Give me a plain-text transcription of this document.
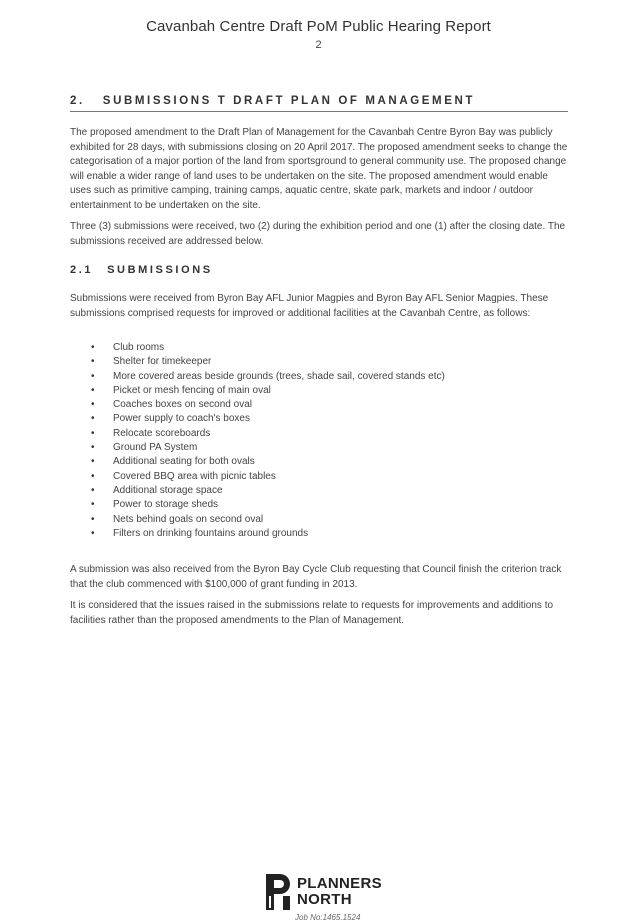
Cavanbah Centre Draft PoM Public Hearing Report
2
2. SUBMISSIONS T DRAFT PLAN OF MANAGEMENT

The proposed amendment to the Draft Plan of Management for the Cavanbah Centre Byron Bay was publicly exhibited for 28 days, with submissions closing on 20 April 2017. The proposed amendment seeks to change the categorisation of a major portion of the land from sportsground to general community use. The proposed change will enable a wider range of land uses to be undertaken on the site. The proposed amendment would enable uses such as primitive camping, training camps, aquatic centre, skate park, markets and indoor / outdoor entertainment to be undertaken on the site.

Three (3) submissions were received, two (2) during the exhibition period and one (1) after the closing date. The submissions received are addressed below.

2.1 SUBMISSIONS

Submissions were received from Byron Bay AFL Junior Magpies and Byron Bay AFL Senior Magpies. These submissions comprised requests for improved or additional facilities at the Cavanbah Centre, as follows:

• Club rooms
• Shelter for timekeeper
• More covered areas beside grounds (trees, shade sail, covered stands etc)
• Picket or mesh fencing of main oval
• Coaches boxes on second oval
• Power supply to coach's boxes
• Relocate scoreboards
• Ground PA System
• Additional seating for both ovals
• Covered BBQ area with picnic tables
• Additional storage space
• Power to storage sheds
• Nets behind goals on second oval
• Filters on drinking fountains around grounds

A submission was also received from the Byron Bay Cycle Club requesting that Council finish the criterion track that the club commenced with $100,000 of grant funding in 2013.

It is considered that the issues raised in the submissions relate to requests for improvements and additions to facilities rather than the proposed amendments to the Plan of Management.

PLANNERS
NORTH
Job No:1465.1524
